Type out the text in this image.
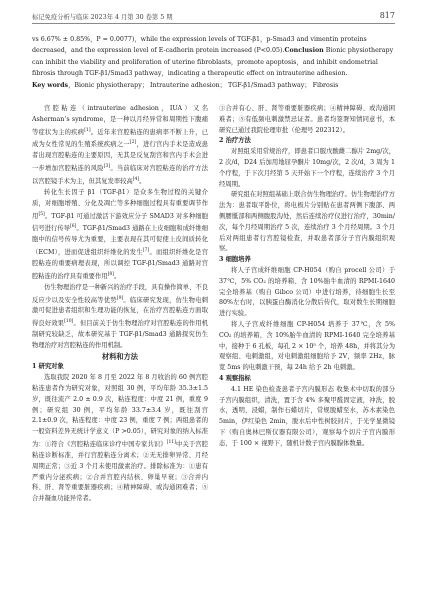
标记免疫分析与临床 2023年 4 月第 30 卷第 5 期	817

vs 6.67% ± 0.85%，P = 0.0077)，while the expression levels of TGF-β1，p-Smad3 and vimentin proteins

decreased，and the expression level of E-cadherin protein increased (P<0.05).Conclusion Bionic physiotherapy

can inhibit the viability and proliferation of uterine fibroblasts，promote apoptosis，and inhibit endometrial

fibrosis through TGF-β1/Smad3 pathway，indicating a therapeutic effect on intrauterine adhesion.

Key words，Bionic physiotherapy； Intrauterine adhesion； TGF-β1/Smad3 pathway； Fibrosis

宫腔粘连（intrauterine adhesion，IUA）又名 Asherman’s syndrome，是一种以月经异常和周期性下腹痛等症状为主的疾病[1]。近年来宫腔粘连的患病率不断上升，已成为女性常见的生殖系统疾病之一[2]，进行宫内手术是造成患者出现宫腔粘连的主要原因，无其是反复刮宫和宫内手术会进一步增加宫腔粘连的风险[3]。当前临床对宫腔粘连的治疗方法以宫腔镜手术为主，但其复发率较高[4]。

转化生长因子 β1（TGF-β1）是众多生物过程的关键介质，对细胞增殖、分化及凋亡等多种细胞过程具有重要调节作用[5]。TGF-β1 可通过激活下游效应分子 SMAD3 对多种细胞信号进行传导[6]。TGF-β1/Smad3 通路在上皮细胞和成纤维细胞中的信号传导尤为重要，主要表现在其可促使上皮间质转化（ECM），进而促进组织纤维化的发生[7]。而组织纤维化是宫腔粘连的重要病理表现，所以调控 TGF-β1/Smad3 通路对宫腔粘连的治疗具有重要作用[8]。

仿生物理治疗是一种新兴的治疗手段，具有操作简单、不良反应少以及安全性较高等优势[9]。临床研究发现，仿生物电刺激可促进患者组织和生理功能的恢复，在治疗宫腔粘连方面取得良好效果[10]。但目前关于仿生物理治疗对宫腔粘连的作用机制研究较缺乏，故本研究基于 TGF-β1/Smad3 通路探究仿生物理治疗对宫腔粘连的作用机制。

材料和方法

1 研究对象

选取我院 2020 年 8 月至 2022 年 8 月收治的 60 例宫腔粘连患者作为研究对象，对照组 30 例，平均年龄 35.3±1.5 岁，既往流产 2.0 ± 0.9 次，粘连程度：中度 21 例，重度 9 例；研究组 30 例，平均年龄 33.7±3.4 岁，既往刮宫 2.1±0.9 次，粘连程度：中度 23 例，重度 7 例；两组患者的一般资料差异无统计学意义（P >0.05），研究对象的纳入标准为：①符合《宫腔粘连临床诊疗中国专家共识》[11]中关于宫腔粘连诊断标准，并行宫腔粘连分离术；②无无排卵异常、月经周期正常；③近 3 个月未使用激素治疗。排除标准为：①患有严重内分泌疾病；②合并宫腔内结核、卵巢早衰；③合并内科、肝、肾等重要脏器疾病；④精神障碍、或沟通困难者；⑤合并凝血功能异常者。

③合并有心、肝、肾等重要脏器疾病；④精神障碍、或沟通困难者；⑤有低频电刺激禁忌证者。患者均签署知情同意书，本研究已通过我院伦理审批（伦理号 202312）。

2 治疗方法

对照组采用常规治疗，即患者口服戊酸雌二醇片 2mg/次，2 次/d，D24 后加用地屈孕酮片 10mg/次，2 次/d，3 周为 1 个疗程，于下次月经第 5 天开始下一个疗程，连续治疗 3 个月经周期。

研究组在对照组基础上联合仿生物理治疗。仿生物理治疗方法为：患者取平卧位，将电极片分别贴在患者两侧下腹部、两侧腰骶部和两侧腹股沟处，然后连续治疗仪进行治疗，30min/次，每个月经周期治疗 5 次，连续治疗 3 个月经周期。3 个月后对两组患者行宫腔镜检查，并取患者部分子宫内膜组织观察。

3 细胞培养

将人子宫成纤维细胞 CP-H054（购自 procell 公司）于 37℃，5% CO₂ 的培养箱、含 10%胎牛血清的 RPMI-1640 完全培养基（购自 Gibco 公司）中进行培养，待细胞生长至 80%左右时，以胰蛋白酶消化分散后传代，取对数生长期细胞进行实验。

将人子宫成纤维细胞 CP-H054 培养于 37℃，含 5% CO₂ 的培养箱，含 10%胎牛血清的 RPMI-1640 完全培养基中，接种于 6 孔板，每孔 2 × 10⁵ 个，培养 48h，并将其分为观察组、电刺激组，对电刺激组细胞给予 2V，频率 2Hz，脉宽 5ms 的电刺激干预，每 24h 给予 2h 电刺激。

4 观察指标

4.1 HE 染色检查患者子宫内膜形态 收集术中切取的部分子宫内膜组织，清洗，置于含 4% 多聚甲醛固定液，冲洗，脱水，透明，浸蜡，制作石蜡切片，常规脱蜡至水，苏木素染色 5min，伊红染色 2min，脱水后中性树胶封片，于光学显微镜下（购自奥林巴斯仪器有限公司），观察每个切片子宫内膜形态，于 100 × 视野下，随机计数子宫内膜腺体数量。
